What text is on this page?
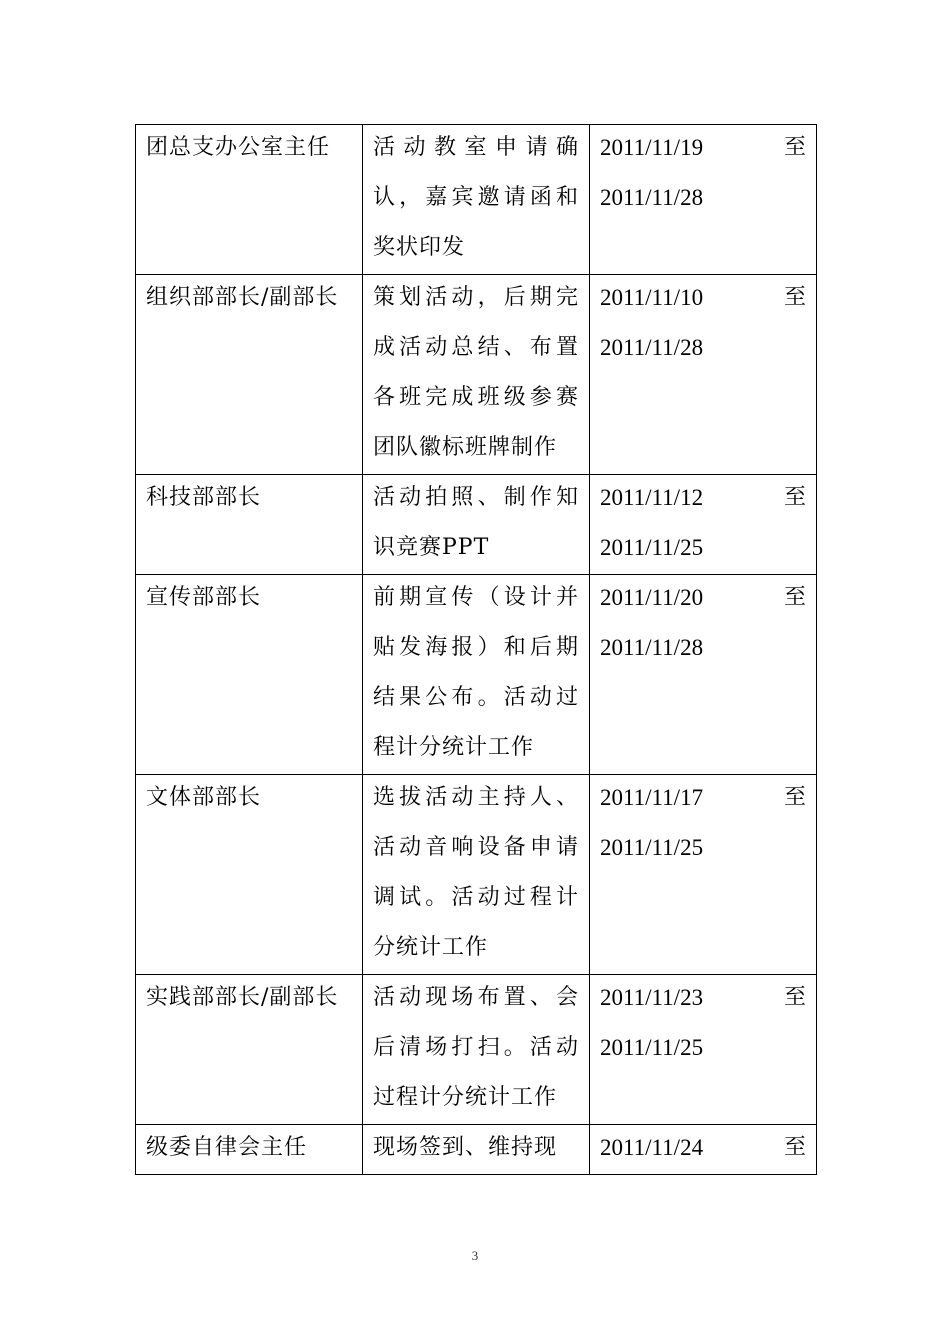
团总支办公室主任	活动教室申请确认，嘉宾邀请函和奖状印发	2011/11/19 至
2011/11/28

组织部部长/副部长	策划活动，后期完成活动总结、布置各班完成班级参赛团队徽标班牌制作	2011/11/10 至
2011/11/28

科技部部长	活动拍照、制作知识竞赛PPT	2011/11/12 至
2011/11/25

宣传部部长	前期宣传（设计并贴发海报）和后期结果公布。活动过程计分统计工作	2011/11/20 至
2011/11/28

文体部部长	选拔活动主持人、活动音响设备申请调试。活动过程计分统计工作	2011/11/17 至
2011/11/25

实践部部长/副部长	活动现场布置、会后清场打扫。活动过程计分统计工作	2011/11/23 至
2011/11/25

级委自律会主任	现场签到、维持现	2011/11/24 至
3
